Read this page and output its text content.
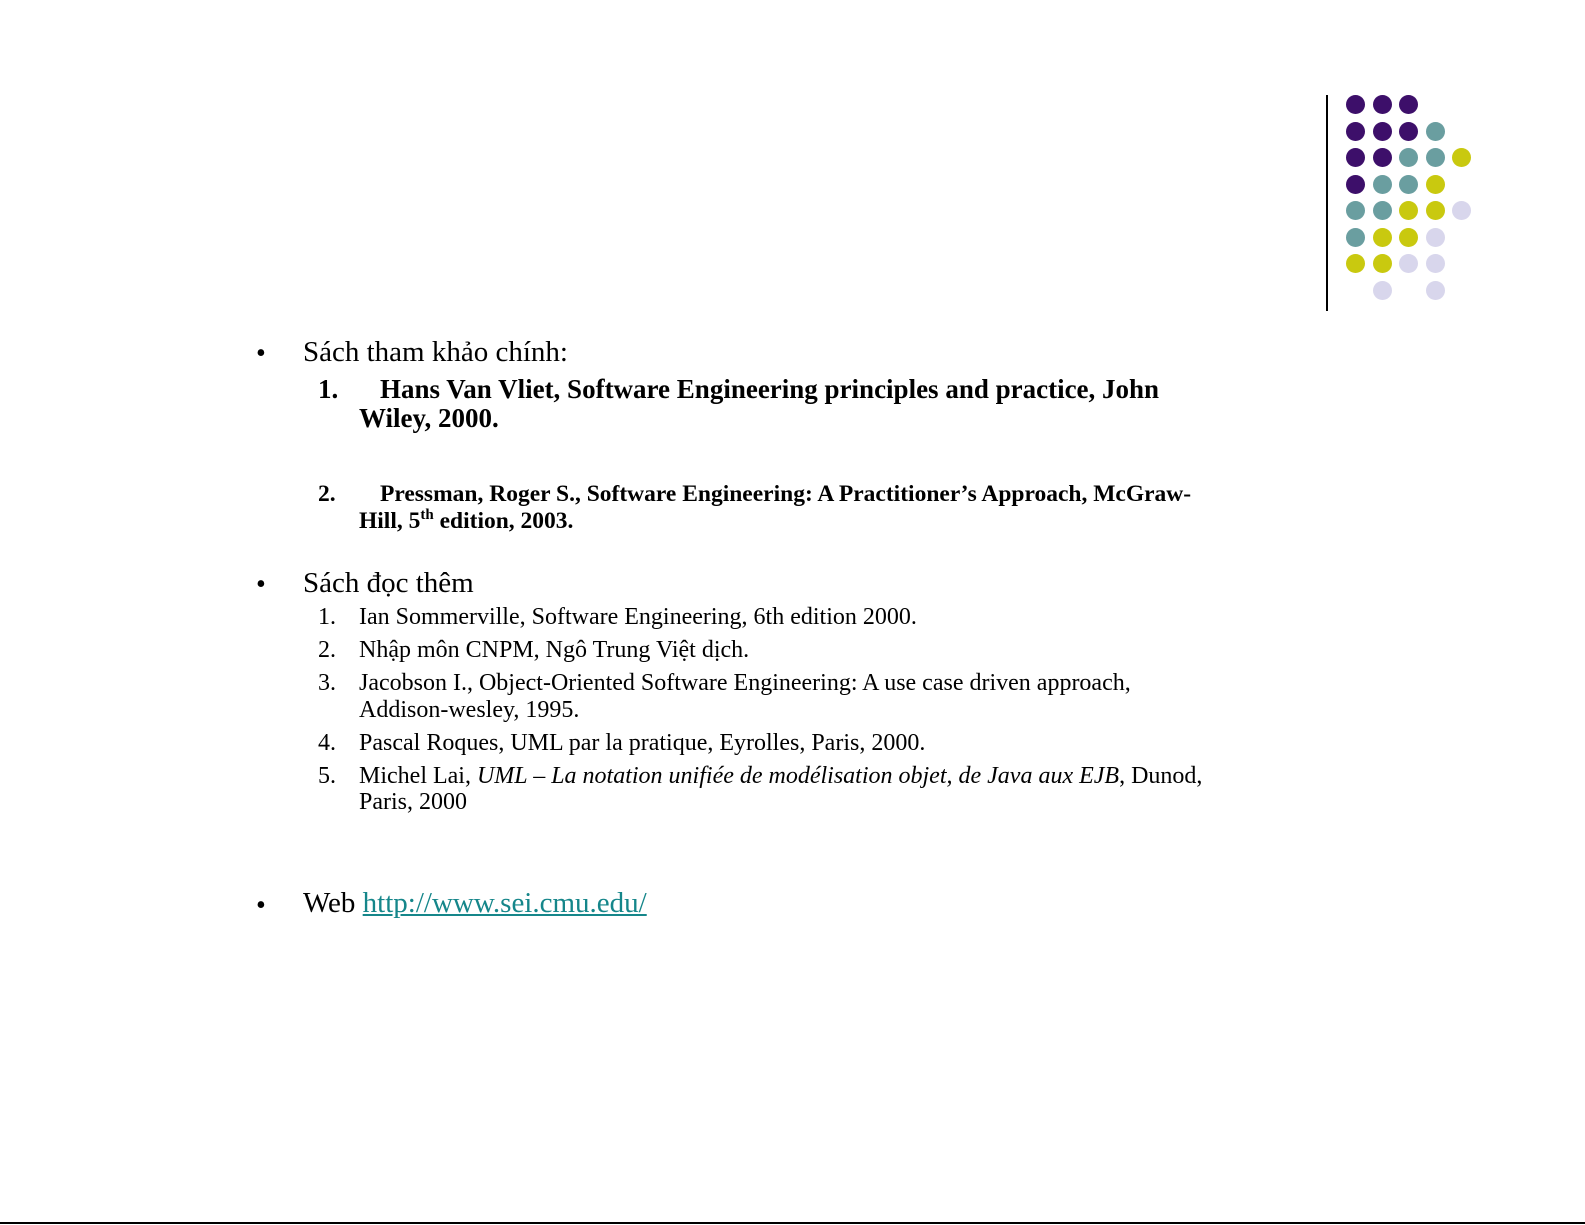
• Sách tham khảo chính:
1. Hans Van Vliet, Software Engineering principles and practice, John
Wiley, 2000.
2. Pressman, Roger S., Software Engineering: A Practitioner’s Approach, McGraw-
Hill, 5th edition, 2003.
• Sách đọc thêm
1. Ian Sommerville, Software Engineering, 6th edition 2000.
2. Nhập môn CNPM, Ngô Trung Việt dịch.
3. Jacobson I., Object-Oriented Software Engineering: A use case driven approach,
Addison-wesley, 1995.
4. Pascal Roques, UML par la pratique, Eyrolles, Paris, 2000.
5. Michel Lai, UML – La notation unifiée de modélisation objet, de Java aux EJB, Dunod,
Paris, 2000
• Web http://www.sei.cmu.edu/
